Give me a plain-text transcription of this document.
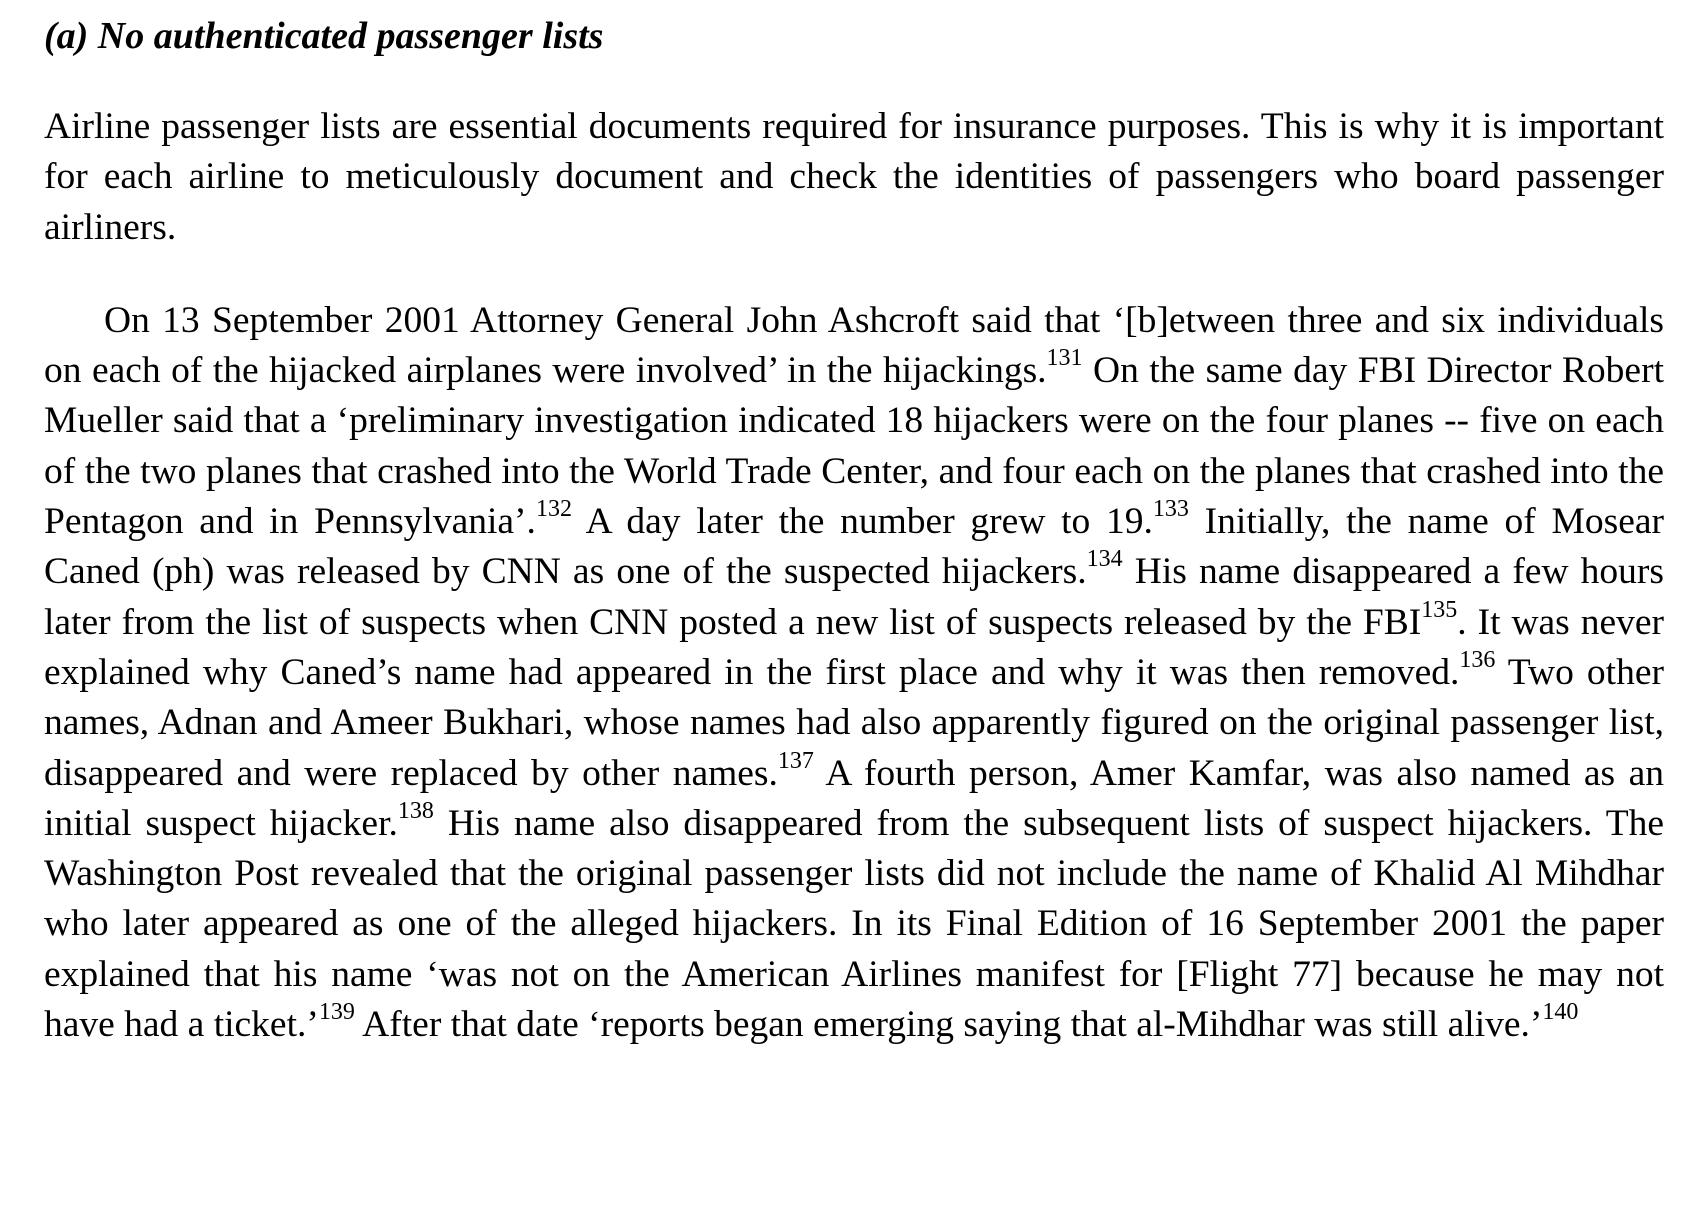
(a) No authenticated passenger lists

Airline passenger lists are essential documents required for insurance purposes. This is why it is important for each airline to meticulously document and check the identities of passengers who board passenger airliners.

On 13 September 2001 Attorney General John Ashcroft said that ‘[b]etween three and six individuals on each of the hijacked airplanes were involved’ in the hijackings.$^{131}$ On the same day FBI Director Robert Mueller said that a ‘preliminary investigation indicated 18 hijackers were on the four planes -- five on each of the two planes that crashed into the World Trade Center, and four each on the planes that crashed into the Pentagon and in Pennsylvania’.$^{132}$ A day later the number grew to 19.$^{133}$ Initially, the name of Mosear Caned (ph) was released by CNN as one of the suspected hijackers.$^{134}$ His name disappeared a few hours later from the list of suspects when CNN posted a new list of suspects released by the FBI$^{135}$. It was never explained why Caned’s name had appeared in the first place and why it was then removed.$^{136}$ Two other names, Adnan and Ameer Bukhari, whose names had also apparently figured on the original passenger list, disappeared and were replaced by other names.$^{137}$ A fourth person, Amer Kamfar, was also named as an initial suspect hijacker.$^{138}$ His name also disappeared from the subsequent lists of suspect hijackers. The Washington Post revealed that the original passenger lists did not include the name of Khalid Al Mihdhar who later appeared as one of the alleged hijackers. In its Final Edition of 16 September 2001 the paper explained that his name ‘was not on the American Airlines manifest for [Flight 77] because he may not have had a ticket.’$^{139}$ After that date ‘reports began emerging saying that al-Mihdhar was still alive.’$^{140}$
